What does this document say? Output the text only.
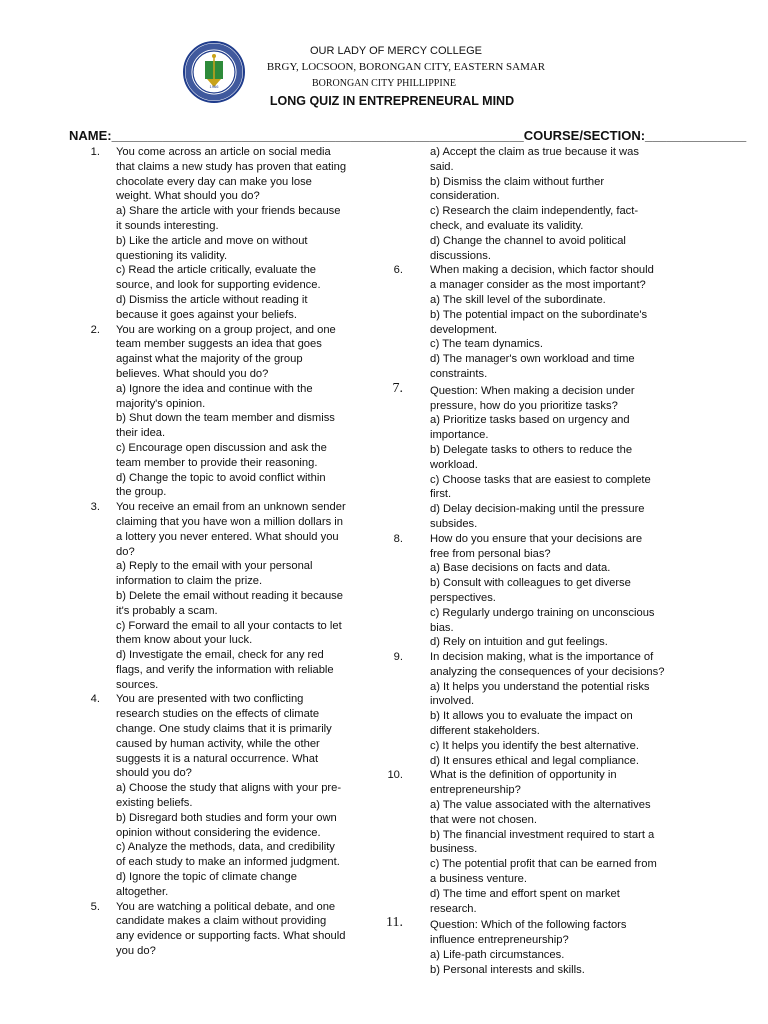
1966
OUR LADY OF MERCY COLLEGE
BRGY, LOCSOON, BORONGAN CITY, EASTERN SAMAR
BORONGAN CITY PHILLIPPINE
LONG QUIZ IN ENTREPRENEURAL MIND
NAME:_________________________________________________________COURSE/SECTION:______________
1. You come across an article on social media
that claims a new study has proven that eating
chocolate every day can make you lose
weight. What should you do?
a) Share the article with your friends because
it sounds interesting.
b) Like the article and move on without
questioning its validity.
c) Read the article critically, evaluate the
source, and look for supporting evidence.
d) Dismiss the article without reading it
because it goes against your beliefs.
2. You are working on a group project, and one
team member suggests an idea that goes
against what the majority of the group
believes. What should you do?
a) Ignore the idea and continue with the
majority's opinion.
b) Shut down the team member and dismiss
their idea.
c) Encourage open discussion and ask the
team member to provide their reasoning.
d) Change the topic to avoid conflict within
the group.
3. You receive an email from an unknown sender
claiming that you have won a million dollars in
a lottery you never entered. What should you
do?
a) Reply to the email with your personal
information to claim the prize.
b) Delete the email without reading it because
it's probably a scam.
c) Forward the email to all your contacts to let
them know about your luck.
d) Investigate the email, check for any red
flags, and verify the information with reliable
sources.
4. You are presented with two conflicting
research studies on the effects of climate
change. One study claims that it is primarily
caused by human activity, while the other
suggests it is a natural occurrence. What
should you do?
a) Choose the study that aligns with your pre-
existing beliefs.
b) Disregard both studies and form your own
opinion without considering the evidence.
c) Analyze the methods, data, and credibility
of each study to make an informed judgment.
d) Ignore the topic of climate change
altogether.
5. You are watching a political debate, and one
candidate makes a claim without providing
any evidence or supporting facts. What should
you do?
a) Accept the claim as true because it was
said.
b) Dismiss the claim without further
consideration.
c) Research the claim independently, fact-
check, and evaluate its validity.
d) Change the channel to avoid political
discussions.
6. When making a decision, which factor should
a manager consider as the most important?
a) The skill level of the subordinate.
b) The potential impact on the subordinate's
development.
c) The team dynamics.
d) The manager's own workload and time
constraints.
7. Question: When making a decision under
pressure, how do you prioritize tasks?
a) Prioritize tasks based on urgency and
importance.
b) Delegate tasks to others to reduce the
workload.
c) Choose tasks that are easiest to complete
first.
d) Delay decision-making until the pressure
subsides.
8. How do you ensure that your decisions are
free from personal bias?
a) Base decisions on facts and data.
b) Consult with colleagues to get diverse
perspectives.
c) Regularly undergo training on unconscious
bias.
d) Rely on intuition and gut feelings.
9. In decision making, what is the importance of
analyzing the consequences of your decisions?
a) It helps you understand the potential risks
involved.
b) It allows you to evaluate the impact on
different stakeholders.
c) It helps you identify the best alternative.
d) It ensures ethical and legal compliance.
10. What is the definition of opportunity in
entrepreneurship?
a) The value associated with the alternatives
that were not chosen.
b) The financial investment required to start a
business.
c) The potential profit that can be earned from
a business venture.
d) The time and effort spent on market
research.
11. Question: Which of the following factors
influence entrepreneurship?
a) Life-path circumstances.
b) Personal interests and skills.
